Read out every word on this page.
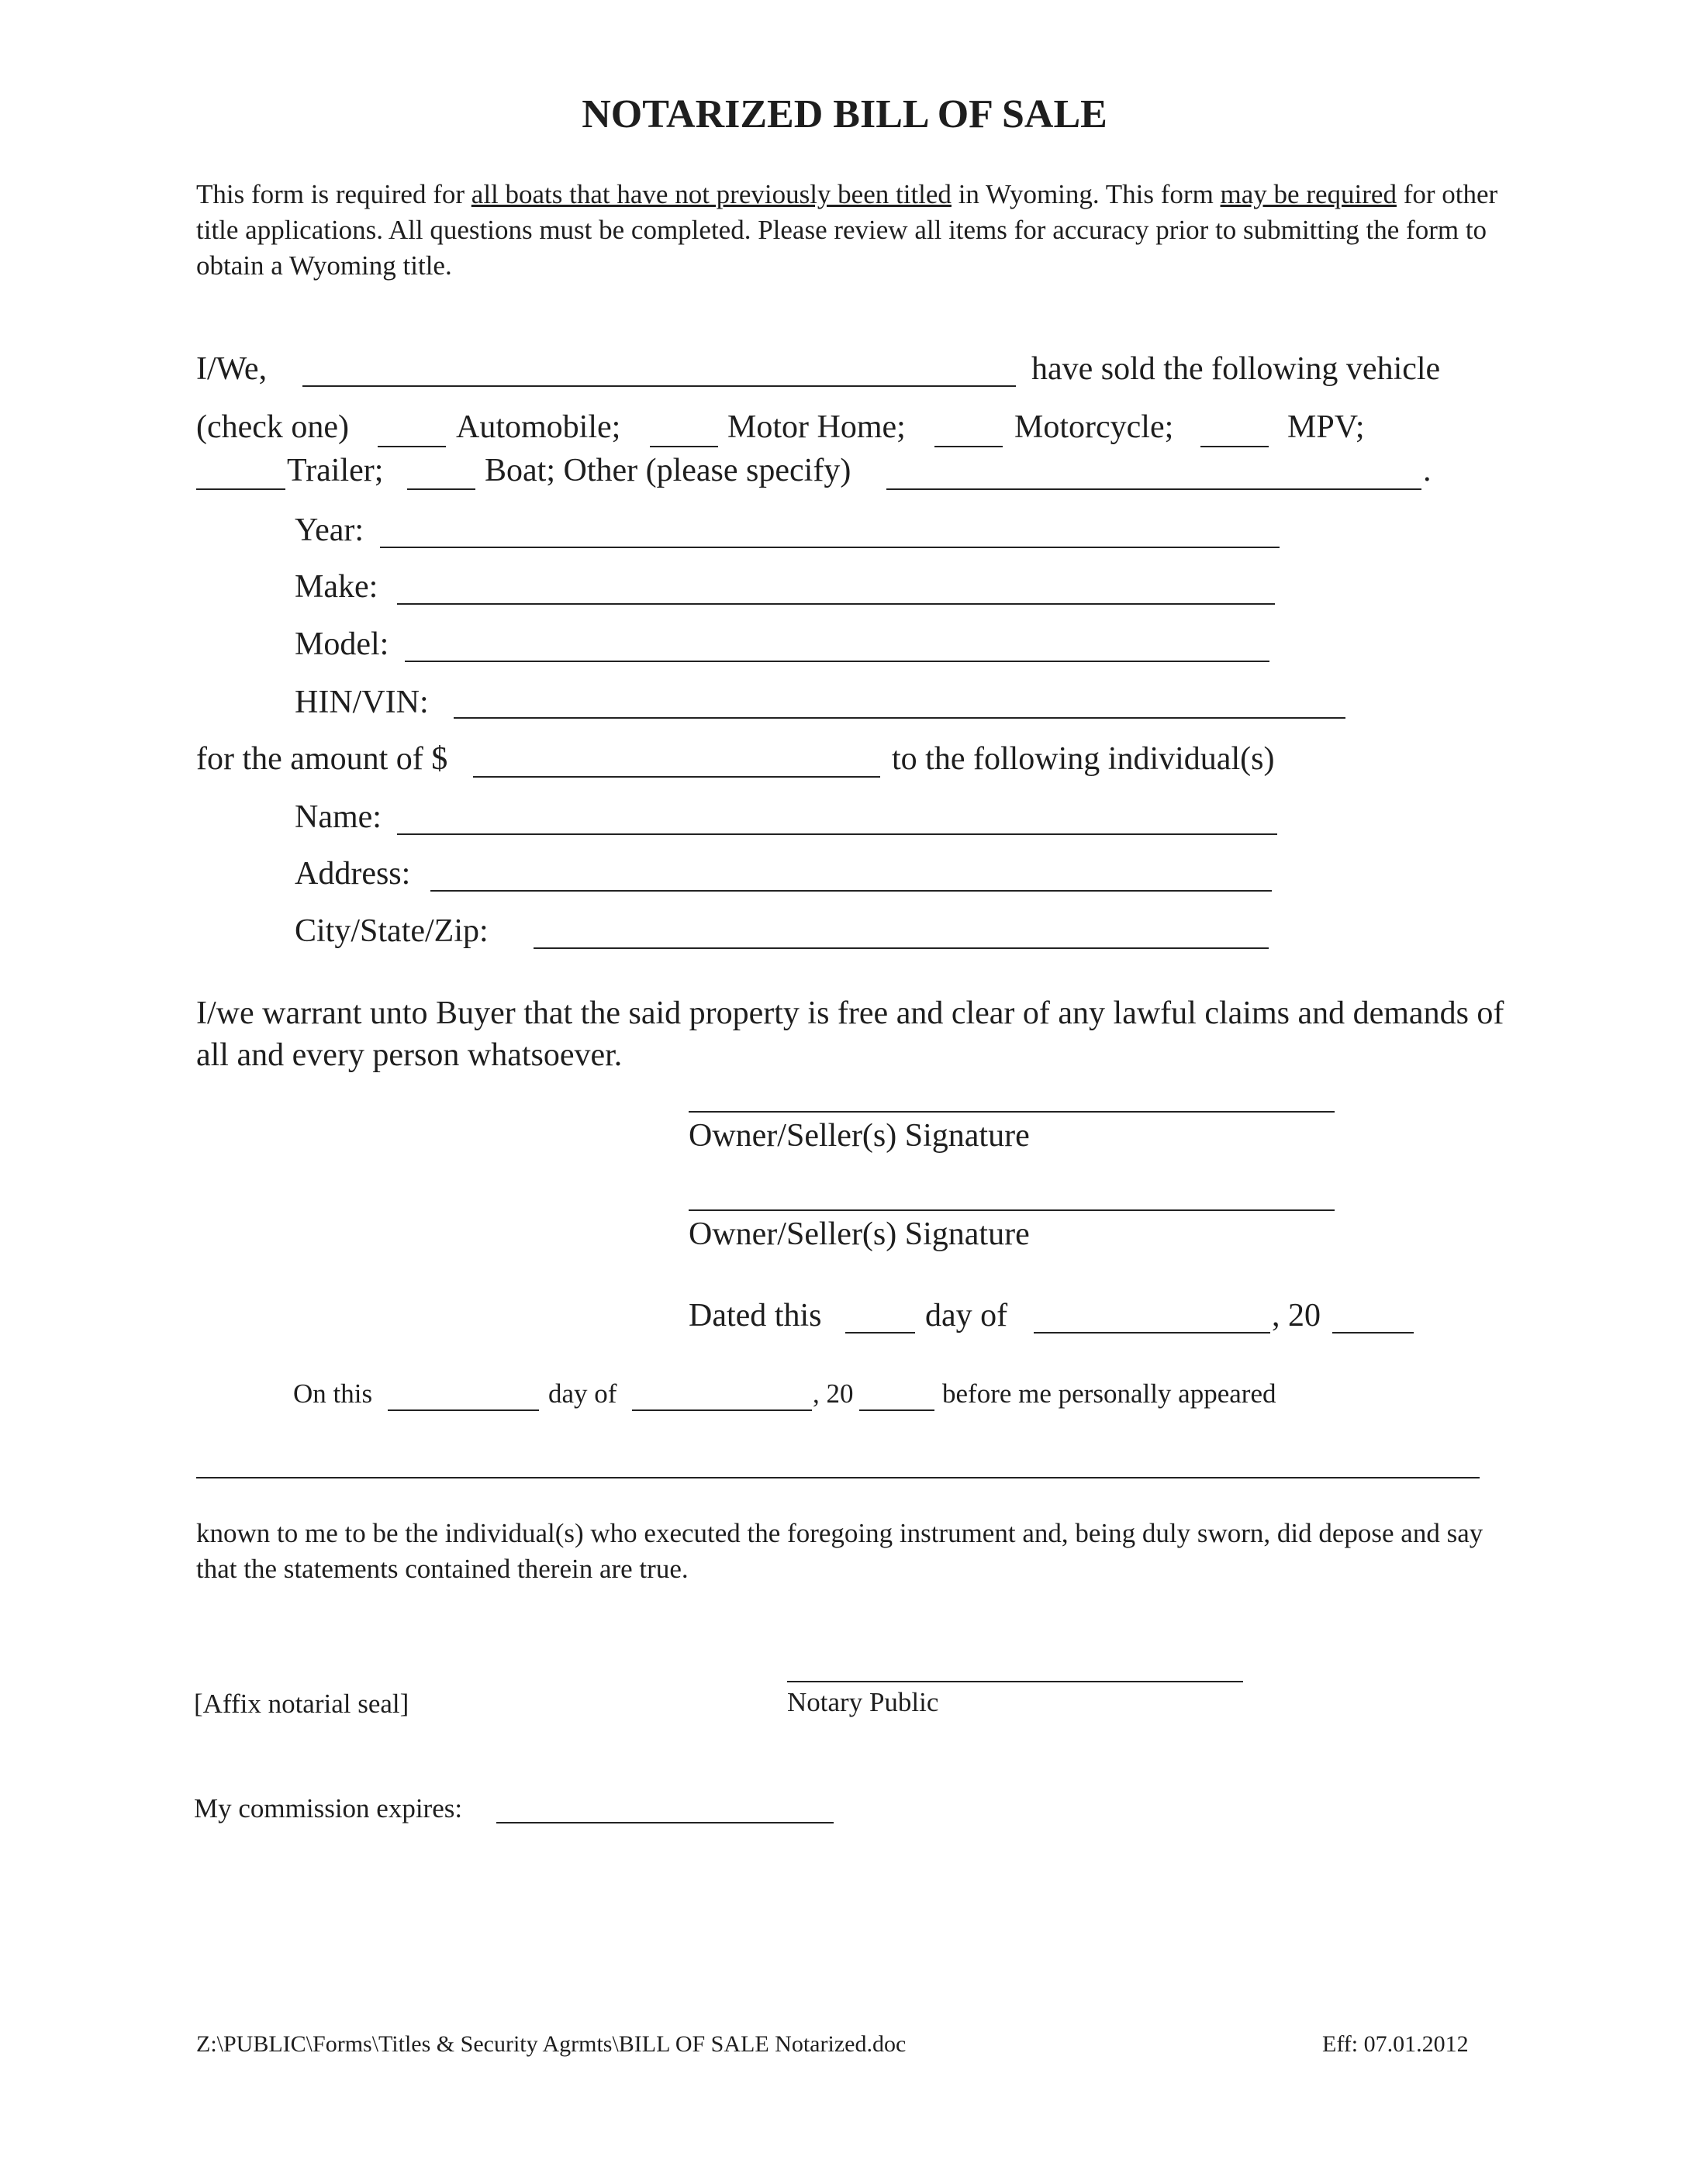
NOTARIZED BILL OF SALE
This form is required for all boats that have not previously been titled in Wyoming. This form may be required for other title applications. All questions must be completed. Please review all items for accuracy prior to submitting the form to obtain a Wyoming title.
I/We,	have sold the following vehicle
(check one)	Automobile;	Motor Home;	Motorcycle;	MPV;
Trailer;	Boat; Other (please specify)	.
Year:
Make:
Model:
HIN/VIN:
for the amount of $	to the following individual(s)
Name:
Address:
City/State/Zip:
I/we warrant unto Buyer that the said property is free and clear of any lawful claims and demands of all and every person whatsoever.
Owner/Seller(s) Signature
Owner/Seller(s) Signature
Dated this	day of	, 20
On this	day of	, 20	before me personally appeared
known to me to be the individual(s) who executed the foregoing instrument and, being duly sworn, did depose and say that the statements contained therein are true.
[Affix notarial seal]	Notary Public
My commission expires:
Z:\PUBLIC\Forms\Titles & Security Agrmts\BILL OF SALE Notarized.doc	Eff: 07.01.2012
